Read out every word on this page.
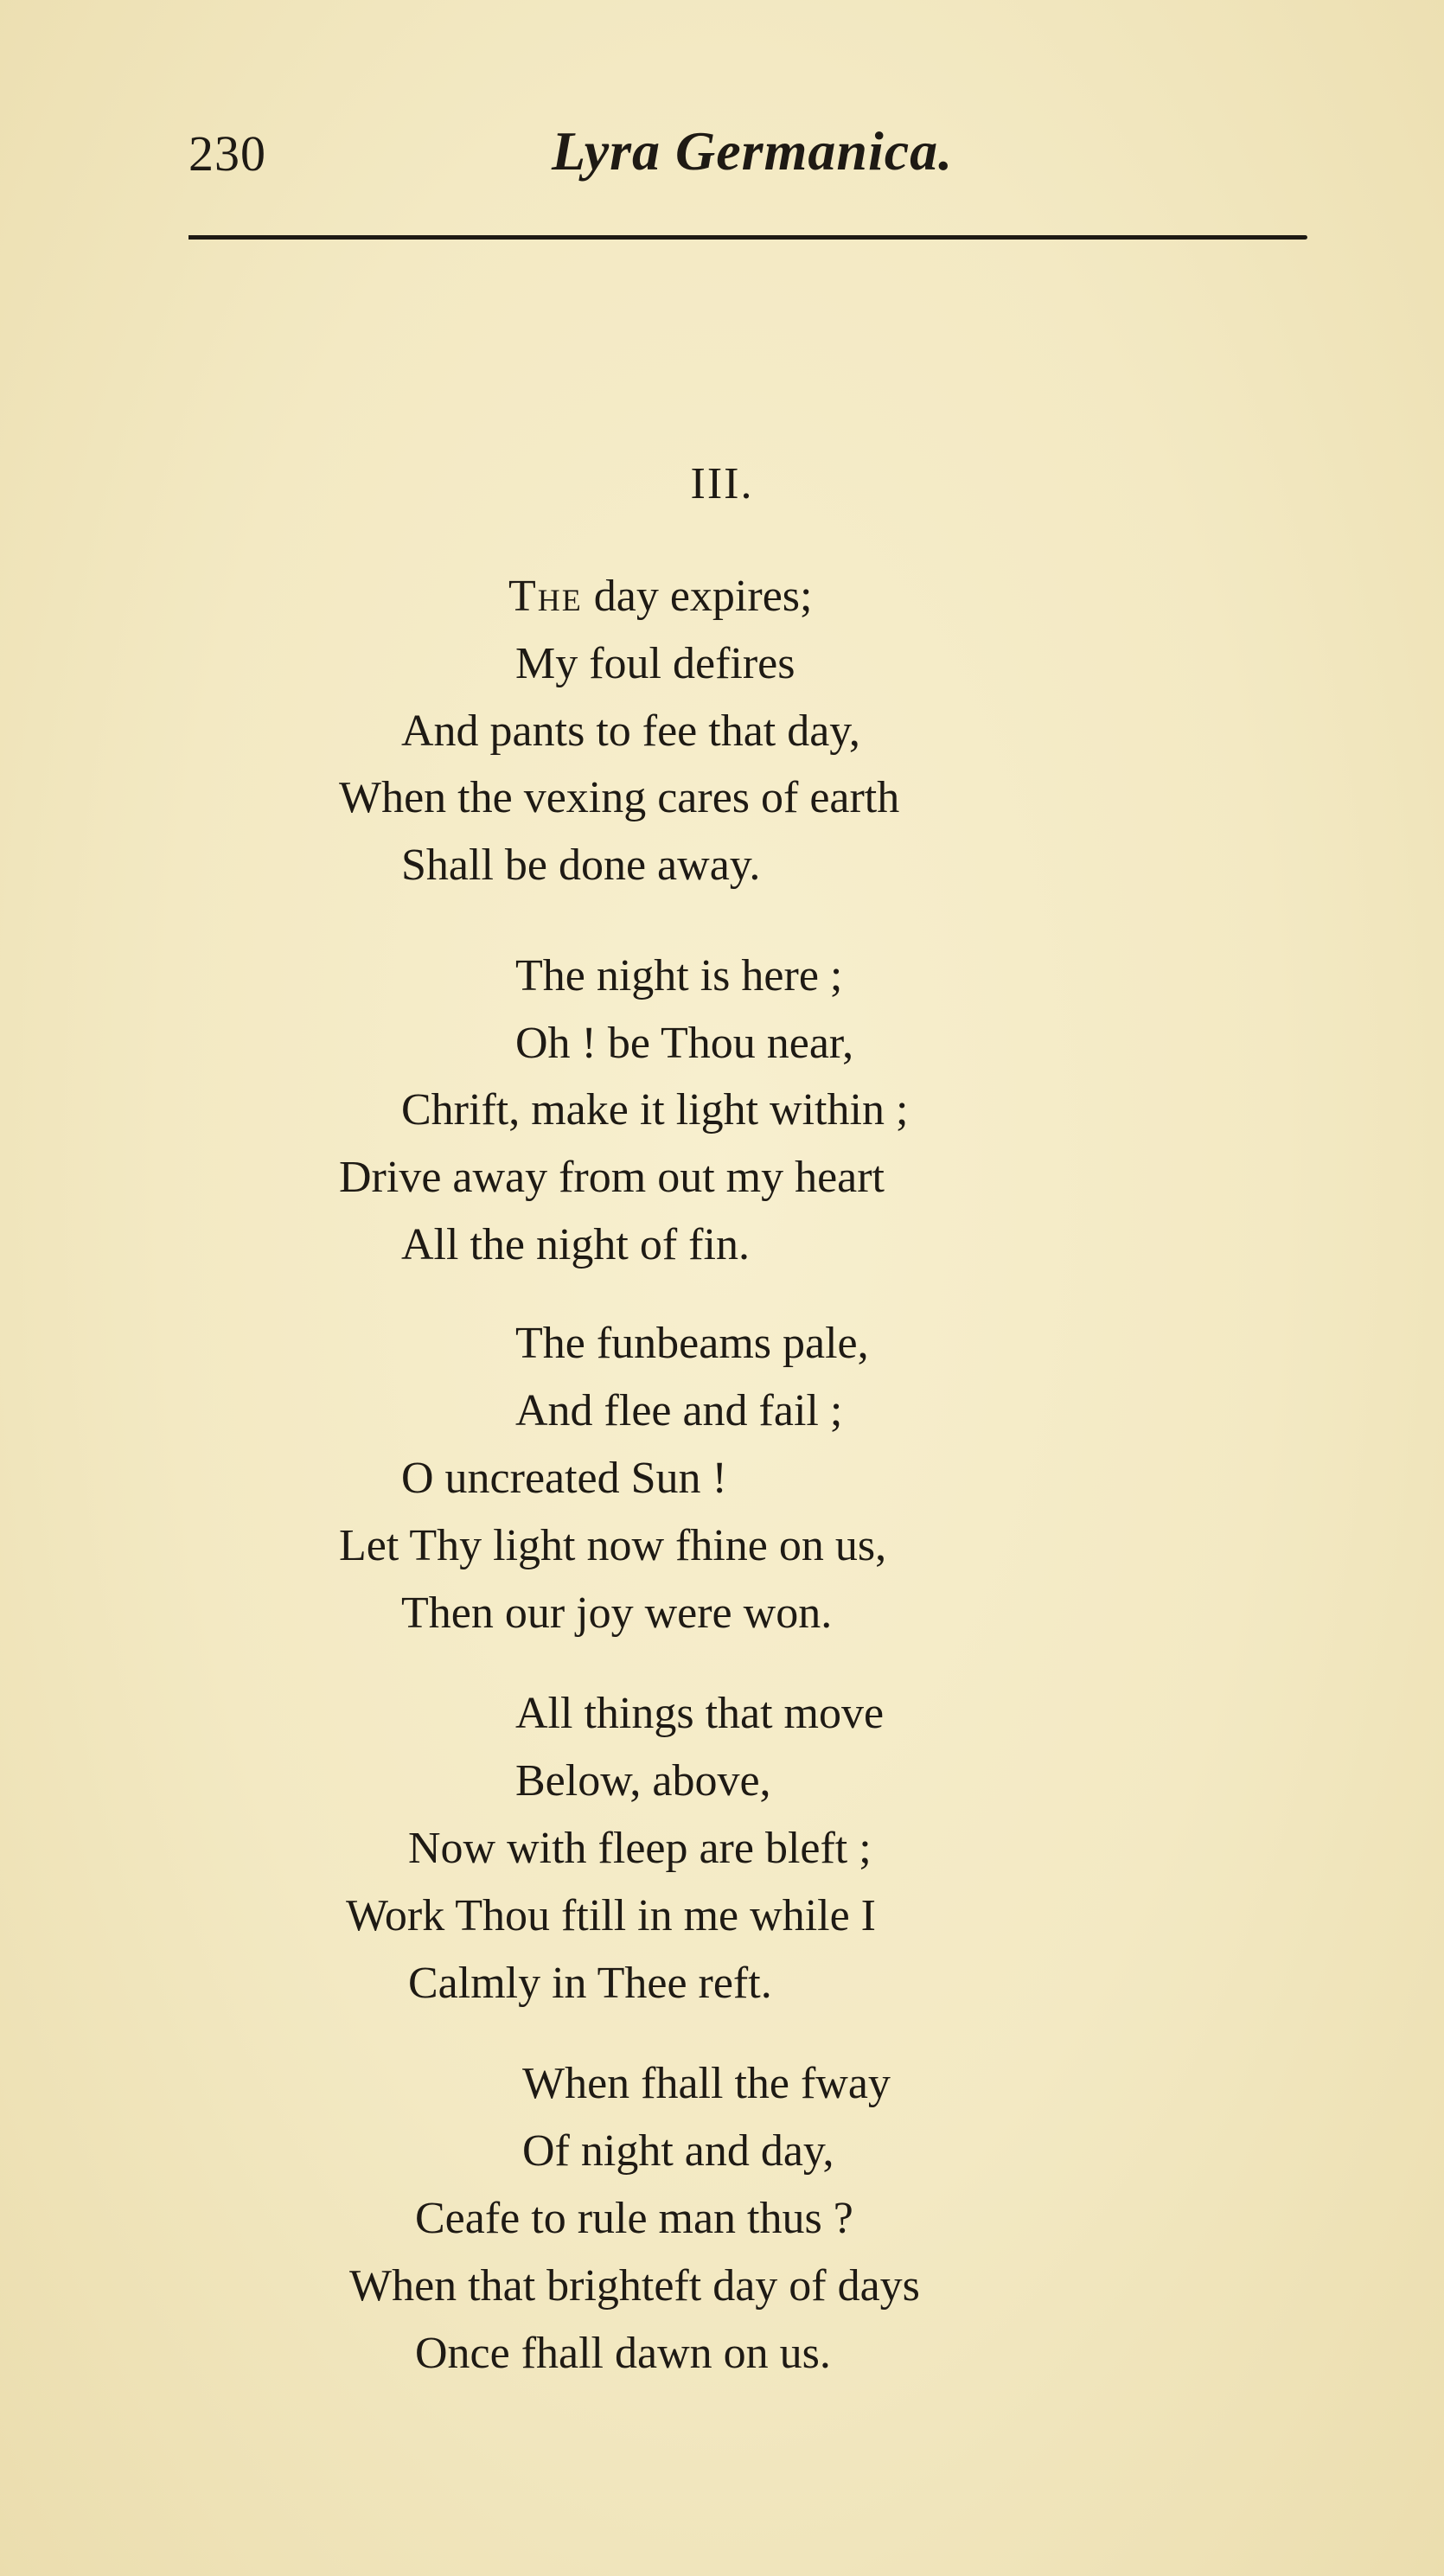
230	Lyra Germanica.
III.
The day expires;
My foul defires
And pants to fee that day,
When the vexing cares of earth
Shall be done away.
The night is here ;
Oh ! be Thou near,
Chrift, make it light within ;
Drive away from out my heart
All the night of fin.
The funbeams pale,
And flee and fail ;
O uncreated Sun !
Let Thy light now fhine on us,
Then our joy were won.
All things that move
Below, above,
Now with fleep are bleft ;
Work Thou ftill in me while I
Calmly in Thee reft.
When fhall the fway
Of night and day,
Ceafe to rule man thus ?
When that brighteft day of days
Once fhall dawn on us.
